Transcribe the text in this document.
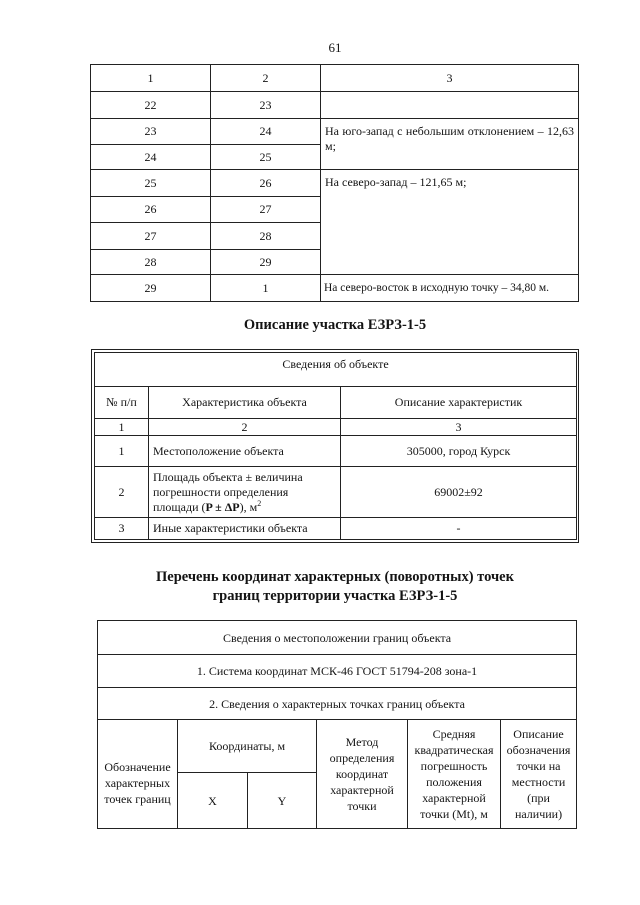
61
1	2	3
22	23	
23	24	На юго-запад с небольшим отклонением – 12,63 м;
24	25	
25	26	На северо-запад – 121,65 м;
26	27	
27	28	
28	29	
29	1	На северо-восток в исходную точку – 34,80 м.
Описание участка ЕЗРЗ-1-5
Сведения об объекте		
№ п/п	Характеристика объекта	Описание характеристик
1	2	3
1	Местоположение объекта	305000, город Курск
2	Площадь объекта ± величина погрешности определения площади (P ± ΔP), $м^2$	69002±92
3	Иные характеристики объекта	-
Перечень координат характерных (поворотных) точек
границ территории участка ЕЗРЗ-1-5
Сведения о местоположении границ объекта					
1. Система координат МСК-46 ГОСТ 51794-208 зона-1					
2. Сведения о характерных точках границ объекта					
Обозначение характерных точек границ	Координаты, м		Метод определения координат характерной точки	Средняя квадратическая погрешность положения характерной точки (Mt), м	Описание обозначения точки на местности (при наличии)
	X	Y			
